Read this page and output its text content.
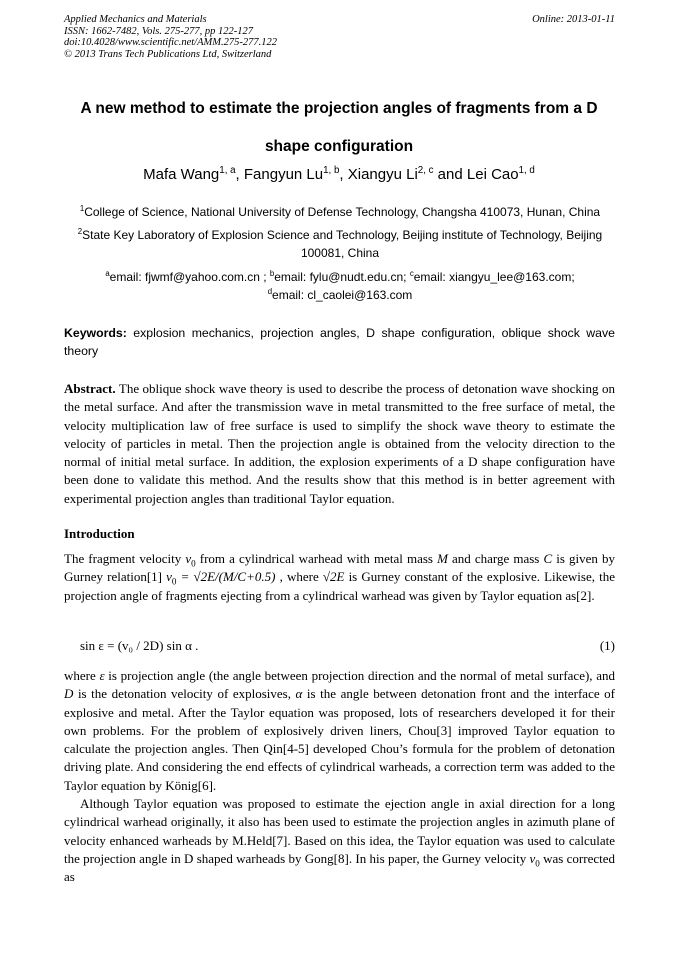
Applied Mechanics and Materials
ISSN: 1662-7482, Vols. 275-277, pp 122-127
doi:10.4028/www.scientific.net/AMM.275-277.122
© 2013 Trans Tech Publications Ltd, Switzerland
Online: 2013-01-11
A new method to estimate the projection angles of fragments from a D
shape configuration
Mafa Wang$^{1, a}$, Fangyun Lu$^{1, b}$, Xiangyu Li$^{2, c}$ and Lei Cao$^{1, d}$
$^1$College of Science, National University of Defense Technology, Changsha 410073, Hunan, China
$^2$State Key Laboratory of Explosion Science and Technology, Beijing institute of Technology, Beijing
100081, China
$^a$email: fjwmf@yahoo.com.cn ; $^b$email: fylu@nudt.edu.cn; $^c$email: xiangyu_lee@163.com;
$^d$email: cl_caolei@163.com
Keywords: explosion mechanics, projection angles, D shape configuration, oblique shock wave theory
Abstract. The oblique shock wave theory is used to describe the process of detonation wave shocking on the metal surface. And after the transmission wave in metal transmitted to the free surface of metal, the velocity multiplication law of free surface is used to simplify the shock wave theory to estimate the velocity of particles in metal. Then the projection angle is obtained from the velocity direction to the normal of initial metal surface. In addition, the explosion experiments of a D shape configuration have been done to validate this method. And the results show that this method is in better agreement with experimental projection angles than traditional Taylor equation.
Introduction
The fragment velocity $v_0$ from a cylindrical warhead with metal mass M and charge mass C is given by Gurney relation[1] $v_0 = √2E/(M/C+0.5)$ , where √2E is Gurney constant of the explosive. Likewise, the projection angle of fragments ejecting from a cylindrical warhead was given by Taylor equation as[2].
sin ε = (v₀ / 2D) sin α .	(1)
where ε is projection angle (the angle between projection direction and the normal of metal surface), and D is the detonation velocity of explosives, α is the angle between detonation front and the interface of explosive and metal. After the Taylor equation was proposed, lots of researchers developed it for their own problems. For the problem of explosively driven liners, Chou[3] improved Taylor equation to calculate the projection angles. Then Qin[4-5] developed Chou’s formula for the problem of detonation driving plate. And considering the end effects of cylindrical warheads, a correction term was added to the Taylor equation by König[6].
Although Taylor equation was proposed to estimate the ejection angle in axial direction for a long cylindrical warhead originally, it also has been used to estimate the projection angles in azimuth plane of velocity enhanced warheads by M.Held[7]. Based on this idea, the Taylor equation was used to calculate the projection angle in D shaped warheads by Gong[8]. In his paper, the Gurney velocity $v_0$ was corrected as
